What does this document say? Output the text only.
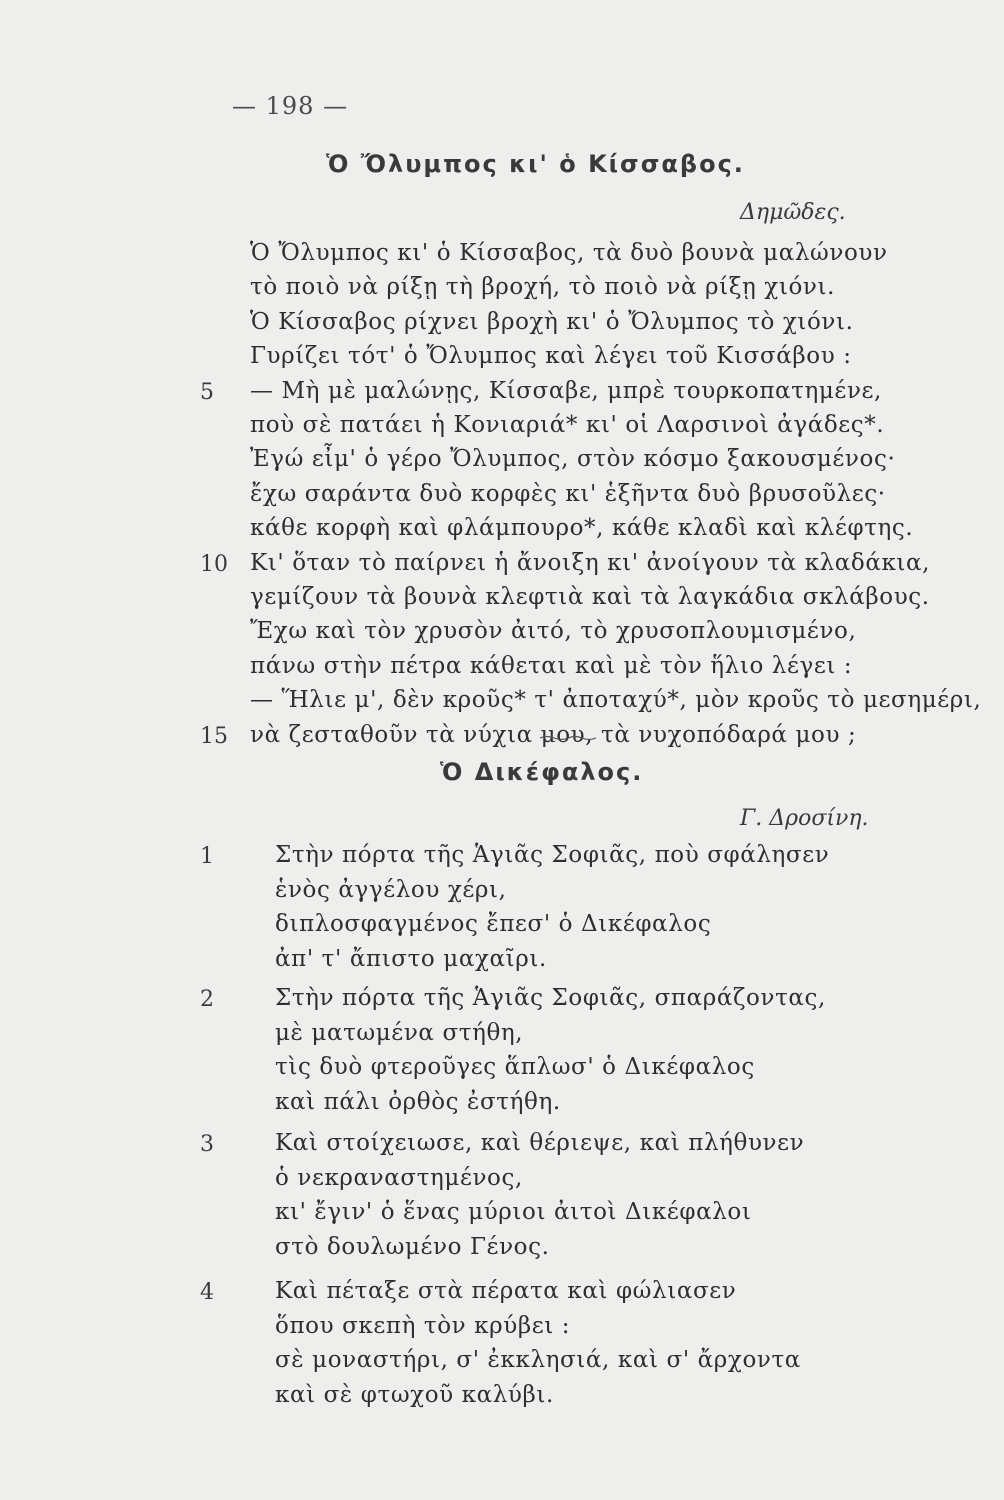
— 198 —
Ὁ Ὄλυμπος κι' ὁ Κίσσαβος.
Δημῶδες.
Ὁ Ὄλυμπος κι' ὁ Κίσσαβος, τὰ δυὸ βουνὰ μαλώνουν
τὸ ποιὸ νὰ ρίξῃ τὴ βροχή, τὸ ποιὸ νὰ ρίξῃ χιόνι.
Ὁ Κίσσαβος ρίχνει βροχὴ κι' ὁ Ὄλυμπος τὸ χιόνι.
Γυρίζει τότ' ὁ Ὄλυμπος καὶ λέγει τοῦ Κισσάβου :
— Μὴ μὲ μαλώνῃς, Κίσσαβε, μπρὲ τουρκοπατημένε,
ποὺ σὲ πατάει ἡ Κονιαριά* κι' οἱ Λαρσινοὶ ἀγάδες*.
Ἐγώ εἶμ' ὁ γέρο Ὄλυμπος, στὸν κόσμο ξακουσμένος·
ἔχω σαράντα δυὸ κορφὲς κι' ἑξῆντα δυὸ βρυσοῦλες·
κάθε κορφὴ καὶ φλάμπουρο*, κάθε κλαδὶ καὶ κλέφτης.
Κι' ὅταν τὸ παίρνει ἡ ἄνοιξη κι' ἀνοίγουν τὰ κλαδάκια,
γεμίζουν τὰ βουνὰ κλεφτιὰ καὶ τὰ λαγκάδια σκλάβους.
Ἔχω καὶ τὸν χρυσὸν ἀιτό, τὸ χρυσοπλουμισμένο,
πάνω στὴν πέτρα κάθεται καὶ μὲ τὸν ἥλιο λέγει :
— Ἥλιε μ', δὲν κροῦς* τ' ἀποταχύ*, μὸν κροῦς τὸ μεσημέρι,
νὰ ζεσταθοῦν τὰ νύχια μου, τὰ νυχοπόδαρά μου ;
5
10
15
Ὁ Δικέφαλος.
Γ. Δροσίνη.
1	Στὴν πόρτα τῆς Ἁγιᾶς Σοφιᾶς, ποὺ σφάλησεν
ἑνὸς ἀγγέλου χέρι,
διπλοσφαγμένος ἔπεσ' ὁ Δικέφαλος
ἀπ' τ' ἄπιστο μαχαῖρι.
2	Στὴν πόρτα τῆς Ἁγιᾶς Σοφιᾶς, σπαράζοντας,
μὲ ματωμένα στήθη,
τὶς δυὸ φτεροῦγες ἅπλωσ' ὁ Δικέφαλος
καὶ πάλι ὀρθὸς ἐστήθη.
3	Καὶ στοίχειωσε, καὶ θέριεψε, καὶ πλήθυνεν
ὁ νεκραναστημένος,
κι' ἔγιν' ὁ ἕνας μύριοι ἀιτοὶ Δικέφαλοι
στὸ δουλωμένο Γένος.
4	Καὶ πέταξε στὰ πέρατα καὶ φώλιασεν
ὅπου σκεπὴ τὸν κρύβει :
σὲ μοναστήρι, σ' ἐκκλησιά, καὶ σ' ἄρχοντα
καὶ σὲ φτωχοῦ καλύβι.
